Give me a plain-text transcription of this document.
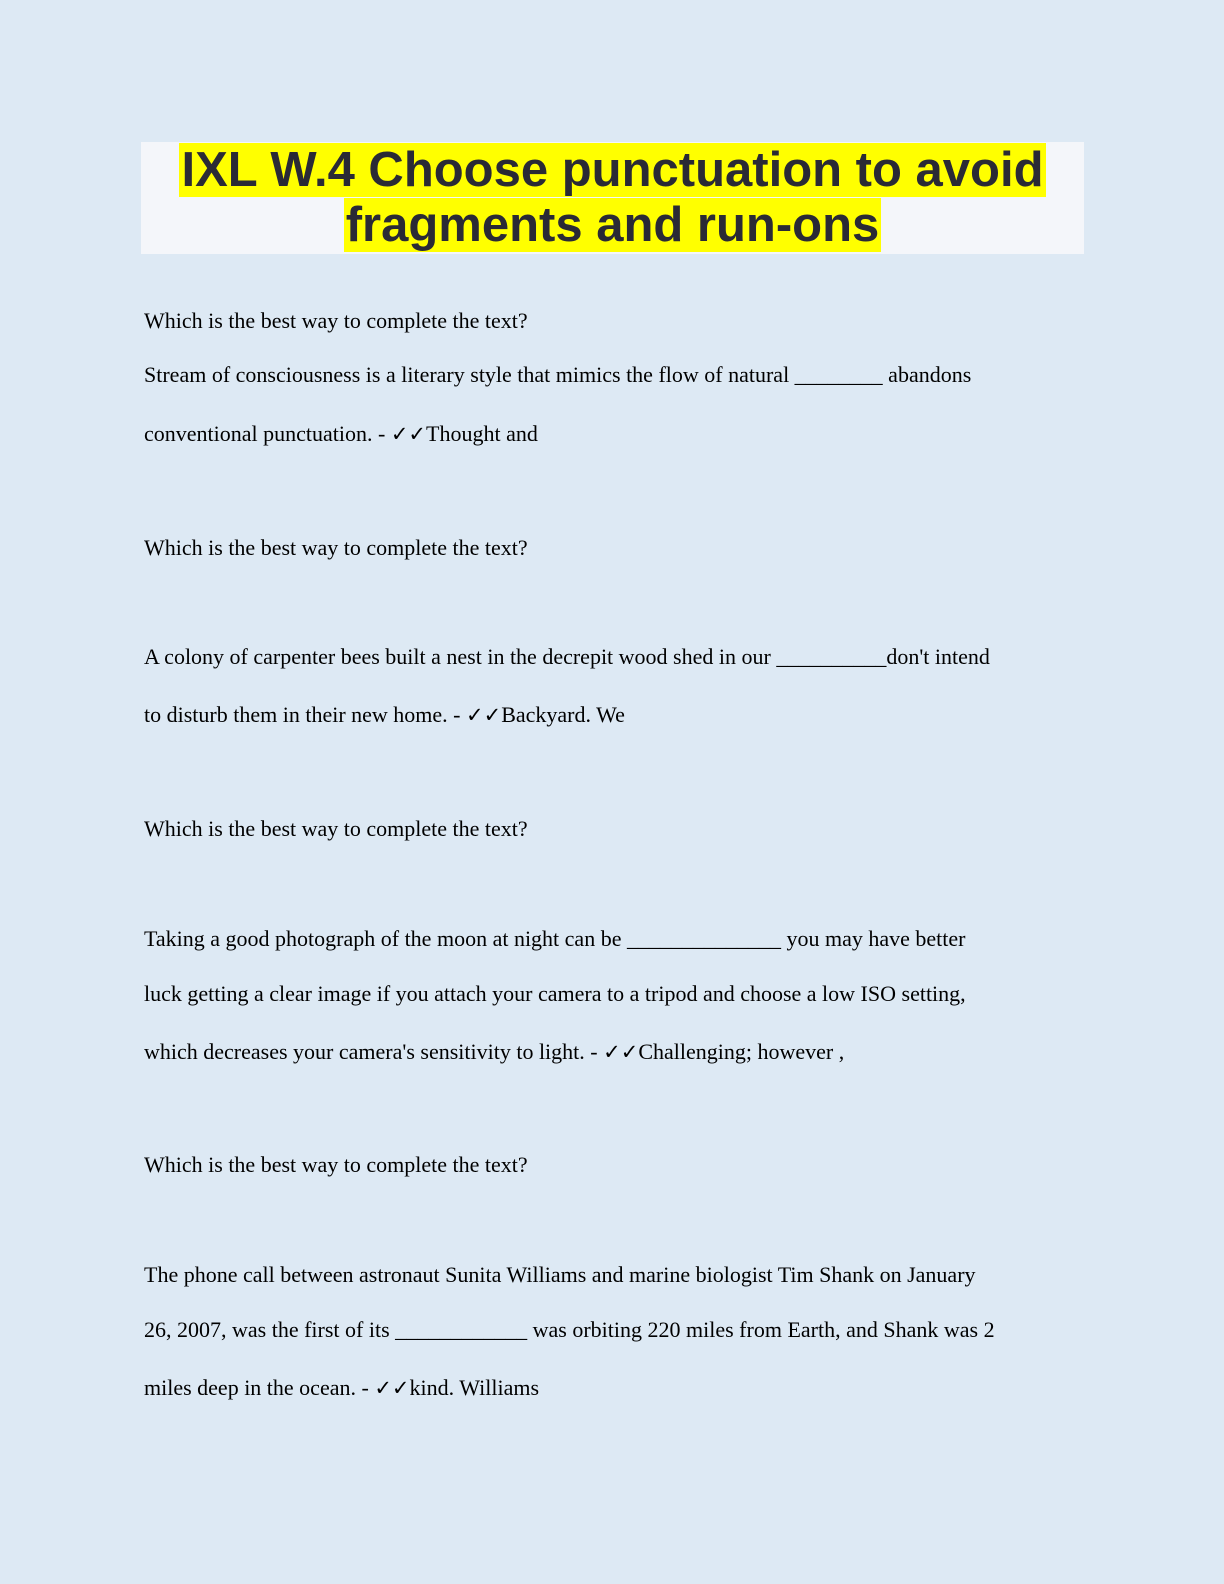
IXL W.4 Choose punctuation to avoid
fragments and run-ons
Which is the best way to complete the text?
Stream of consciousness is a literary style that mimics the flow of natural ________ abandons
conventional punctuation. - ✓✓Thought and
Which is the best way to complete the text?
A colony of carpenter bees built a nest in the decrepit wood shed in our __________don't intend
to disturb them in their new home. - ✓✓Backyard. We
Which is the best way to complete the text?
Taking a good photograph of the moon at night can be ______________ you may have better
luck getting a clear image if you attach your camera to a tripod and choose a low ISO setting,
which decreases your camera's sensitivity to light. - ✓✓Challenging; however ,
Which is the best way to complete the text?
The phone call between astronaut Sunita Williams and marine biologist Tim Shank on January
26, 2007, was the first of its ____________ was orbiting 220 miles from Earth, and Shank was 2
miles deep in the ocean. - ✓✓kind. Williams
